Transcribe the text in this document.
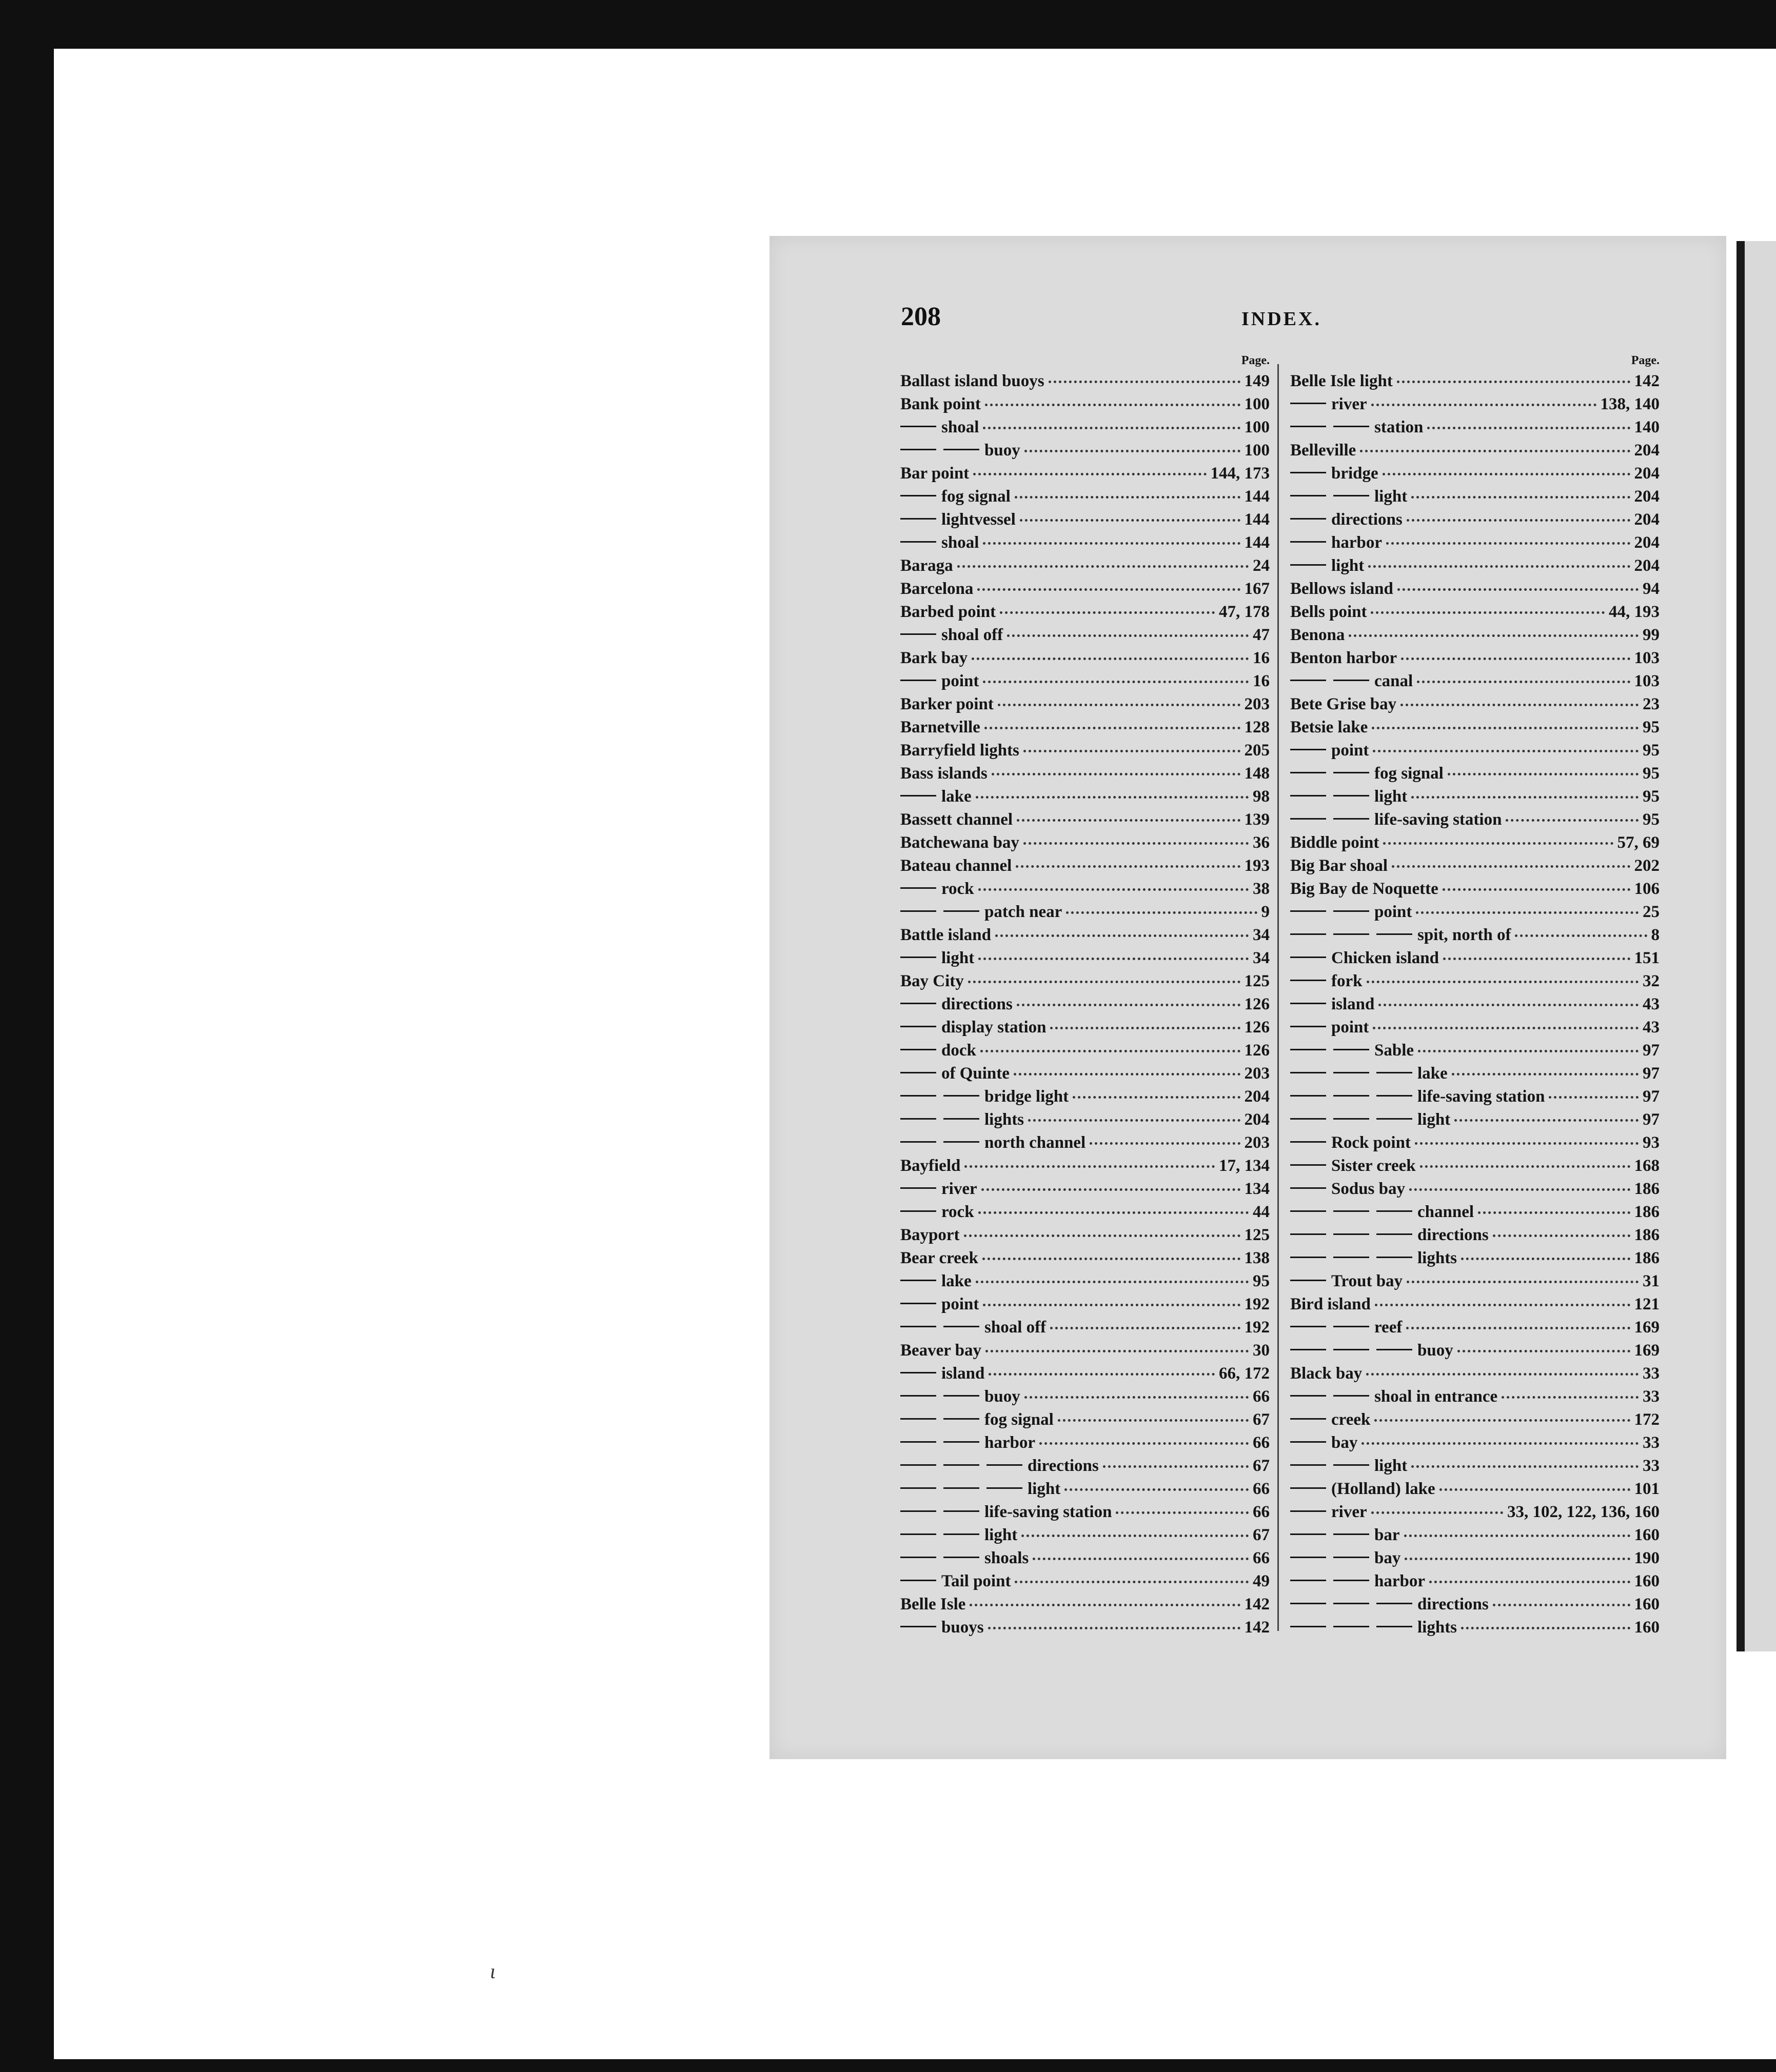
208	INDEX.
Page.
Ballast island buoys	149
Bank point	100
shoal	100
buoy	100
Bar point	144, 173
fog signal	144
lightvessel	144
shoal	144
Baraga	24
Barcelona	167
Barbed point	47, 178
shoal off	47
Bark bay	16
point	16
Barker point	203
Barnetville	128
Barryfield lights	205
Bass islands	148
lake	98
Bassett channel	139
Batchewana bay	36
Bateau channel	193
rock	38
patch near	9
Battle island	34
light	34
Bay City	125
directions	126
display station	126
dock	126
of Quinte	203
bridge light	204
lights	204
north channel	203
Bayfield	17, 134
river	134
rock	44
Bayport	125
Bear creek	138
lake	95
point	192
shoal off	192
Beaver bay	30
island	66, 172
buoy	66
fog signal	67
harbor	66
directions	67
light	66
life-saving station	66
light	67
shoals	66
Tail point	49
Belle Isle	142
buoys	142
Page.
Belle Isle light	142
river	138, 140
station	140
Belleville	204
bridge	204
light	204
directions	204
harbor	204
light	204
Bellows island	94
Bells point	44, 193
Benona	99
Benton harbor	103
canal	103
Bete Grise bay	23
Betsie lake	95
point	95
fog signal	95
light	95
life-saving station	95
Biddle point	57, 69
Big Bar shoal	202
Big Bay de Noquette	106
point	25
spit, north of	8
Chicken island	151
fork	32
island	43
point	43
Sable	97
lake	97
life-saving station	97
light	97
Rock point	93
Sister creek	168
Sodus bay	186
channel	186
directions	186
lights	186
Trout bay	31
Bird island	121
reef	169
buoy	169
Black bay	33
shoal in entrance	33
creek	172
bay	33
light	33
(Holland) lake	101
river	33, 102, 122, 136, 160
bar	160
bay	190
harbor	160
directions	160
lights	160
ι
